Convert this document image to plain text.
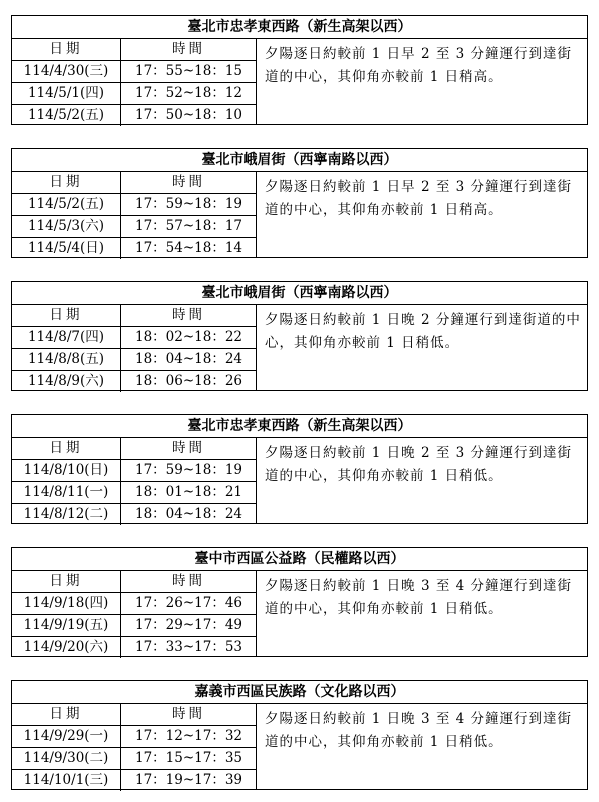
臺北市忠孝東西路（新生高架以西）
日期	時間
114/4/30(三)	17：55~18：15
114/5/1(四)	17：52~18：12
114/5/2(五)	17：50~18：10
夕陽逐日約較前 1 日早 2 至 3 分鐘運行到達街道的中心，其仰角亦較前 1 日稍高。
臺北市峨眉街（西寧南路以西）
日期	時間
114/5/2(五)	17：59~18：19
114/5/3(六)	17：57~18：17
114/5/4(日)	17：54~18：14
夕陽逐日約較前 1 日早 2 至 3 分鐘運行到達街道的中心，其仰角亦較前 1 日稍高。
臺北市峨眉街（西寧南路以西）
日期	時間
114/8/7(四)	18：02~18：22
114/8/8(五)	18：04~18：24
114/8/9(六)	18：06~18：26
夕陽逐日約較前 1 日晚 2 分鐘運行到達街道的中心，其仰角亦較前 1 日稍低。
臺北市忠孝東西路（新生高架以西）
日期	時間
114/8/10(日)	17：59~18：19
114/8/11(一)	18：01~18：21
114/8/12(二)	18：04~18：24
夕陽逐日約較前 1 日晚 2 至 3 分鐘運行到達街道的中心，其仰角亦較前 1 日稍低。
臺中市西區公益路（民權路以西）
日期	時間
114/9/18(四)	17：26~17：46
114/9/19(五)	17：29~17：49
114/9/20(六)	17：33~17：53
夕陽逐日約較前 1 日晚 3 至 4 分鐘運行到達街道的中心，其仰角亦較前 1 日稍低。
嘉義市西區民族路（文化路以西）
日期	時間
114/9/29(一)	17：12~17：32
114/9/30(二)	17：15~17：35
114/10/1(三)	17：19~17：39
夕陽逐日約較前 1 日晚 3 至 4 分鐘運行到達街道的中心，其仰角亦較前 1 日稍低。
